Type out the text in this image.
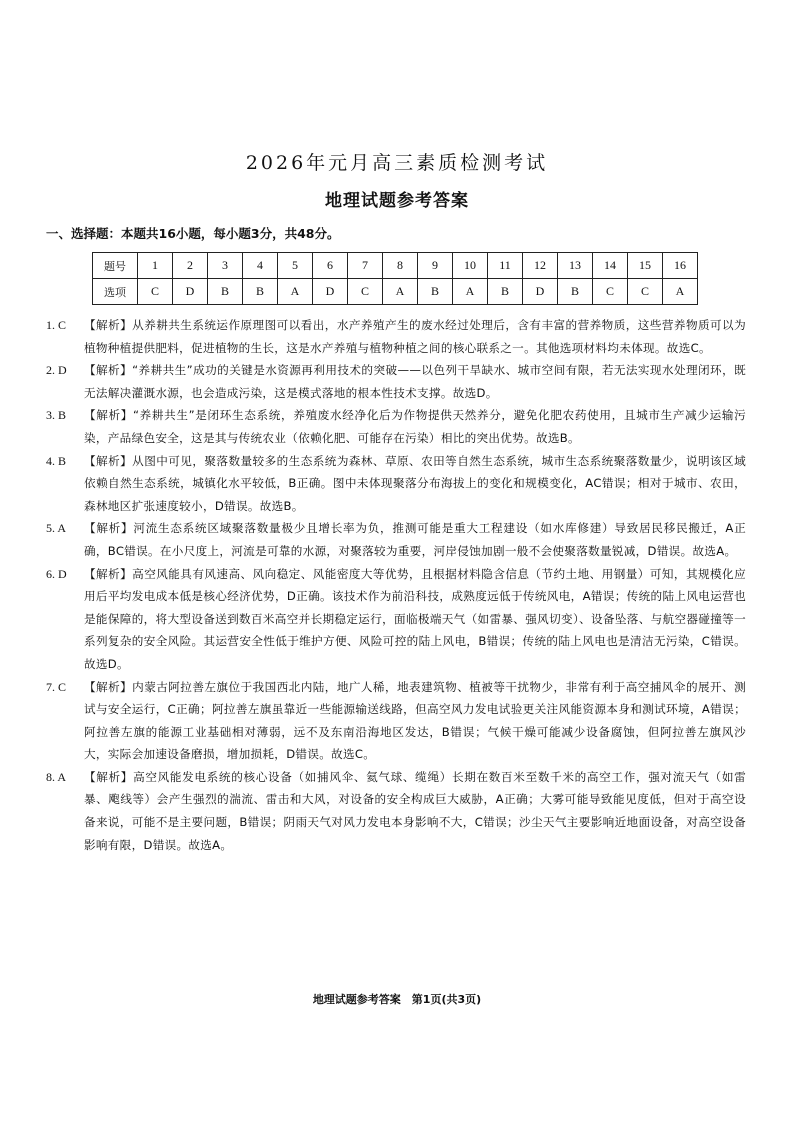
2026年元月高三素质检测考试
地理试题参考答案
一、选择题：本题共16小题，每小题3分，共48分。
题号	1	2	3	4	5	6	7	8	9	10	11	12	13	14	15	16
选项	C	D	B	B	A	D	C	A	B	A	B	D	B	C	C	A
1. C	【解析】从养耕共生系统运作原理图可以看出，水产养殖产生的废水经过处理后，含有丰富的营养物质，这些营养物质可以为植物种植提供肥料，促进植物的生长，这是水产养殖与植物种植之间的核心联系之一。其他选项材料均未体现。故选C。
2. D	【解析】“养耕共生”成功的关键是水资源再利用技术的突破——以色列干旱缺水、城市空间有限，若无法实现水处理闭环，既无法解决灌溉水源，也会造成污染，这是模式落地的根本性技术支撑。故选D。
3. B	【解析】“养耕共生”是闭环生态系统，养殖废水经净化后为作物提供天然养分，避免化肥农药使用，且城市生产减少运输污染，产品绿色安全，这是其与传统农业（依赖化肥、可能存在污染）相比的突出优势。故选B。
4. B	【解析】从图中可见，聚落数量较多的生态系统为森林、草原、农田等自然生态系统，城市生态系统聚落数量少，说明该区域依赖自然生态系统，城镇化水平较低，B正确。图中未体现聚落分布海拔上的变化和规模变化，AC错误；相对于城市、农田，森林地区扩张速度较小，D错误。故选B。
5. A	【解析】河流生态系统区域聚落数量极少且增长率为负，推测可能是重大工程建设（如水库修建）导致居民移民搬迁，A正确，BC错误。在小尺度上，河流是可靠的水源，对聚落较为重要，河岸侵蚀加剧一般不会使聚落数量锐减，D错误。故选A。
6. D	【解析】高空风能具有风速高、风向稳定、风能密度大等优势，且根据材料隐含信息（节约土地、用钢量）可知，其规模化应用后平均发电成本低是核心经济优势，D正确。该技术作为前沿科技，成熟度远低于传统风电，A错误；传统的陆上风电运营也是能保障的，将大型设备送到数百米高空并长期稳定运行，面临极端天气（如雷暴、强风切变）、设备坠落、与航空器碰撞等一系列复杂的安全风险。其运营安全性低于维护方便、风险可控的陆上风电，B错误；传统的陆上风电也是清洁无污染，C错误。故选D。
7. C	【解析】内蒙古阿拉善左旗位于我国西北内陆，地广人稀，地表建筑物、植被等干扰物少，非常有利于高空捕风伞的展开、测试与安全运行，C正确；阿拉善左旗虽靠近一些能源输送线路，但高空风力发电试验更关注风能资源本身和测试环境，A错误；阿拉善左旗的能源工业基础相对薄弱，远不及东南沿海地区发达，B错误；气候干燥可能减少设备腐蚀，但阿拉善左旗风沙大，实际会加速设备磨损，增加损耗，D错误。故选C。
8. A	【解析】高空风能发电系统的核心设备（如捕风伞、氦气球、缆绳）长期在数百米至数千米的高空工作，强对流天气（如雷暴、飑线等）会产生强烈的湍流、雷击和大风，对设备的安全构成巨大威胁，A正确；大雾可能导致能见度低，但对于高空设备来说，可能不是主要问题，B错误；阴雨天气对风力发电本身影响不大，C错误；沙尘天气主要影响近地面设备，对高空设备影响有限，D错误。故选A。
地理试题参考答案　第1页(共3页)
